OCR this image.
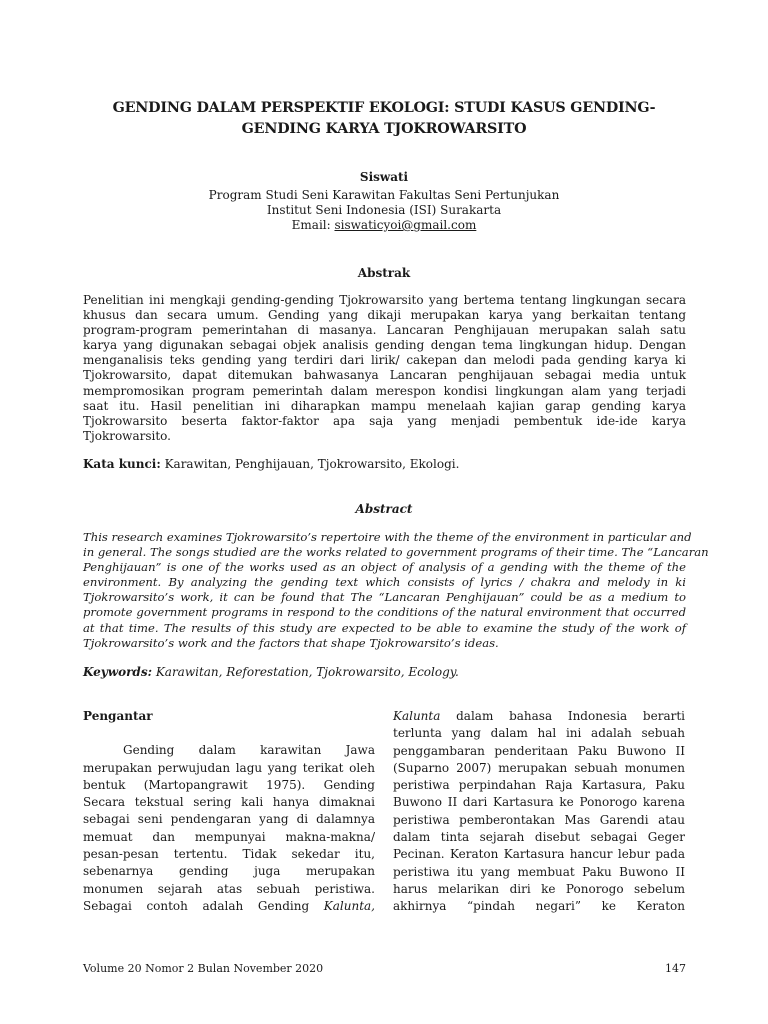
GENDING DALAM PERSPEKTIF EKOLOGI: STUDI KASUS GENDING-
GENDING KARYA TJOKROWARSITO
Siswati
Program Studi Seni Karawitan Fakultas Seni Pertunjukan
Institut Seni Indonesia (ISI) Surakarta
Email: siswaticyoi@gmail.com
Abstrak
Penelitian ini mengkaji gending-gending Tjokrowarsito yang bertema tentang lingkungan secara
khusus dan secara umum. Gending yang dikaji merupakan karya yang berkaitan tentang
program-program pemerintahan di masanya. Lancaran Penghijauan merupakan salah satu
karya yang digunakan sebagai objek analisis gending dengan tema lingkungan hidup. Dengan
menganalisis teks gending yang terdiri dari lirik/ cakepan dan melodi pada gending karya ki
Tjokrowarsito, dapat ditemukan bahwasanya Lancaran penghijauan sebagai media untuk
mempromosikan program pemerintah dalam merespon kondisi lingkungan alam yang terjadi
saat itu. Hasil penelitian ini diharapkan mampu menelaah kajian garap gending karya
Tjokrowarsito beserta faktor-faktor apa saja yang menjadi pembentuk ide-ide karya
Tjokrowarsito.
Kata kunci: Karawitan, Penghijauan, Tjokrowarsito, Ekologi.
Abstract
This research examines Tjokrowarsito’s repertoire with the theme of the environment in particular and
in general. The songs studied are the works related to government programs of their time. The “Lancaran
Penghijauan” is one of the works used as an object of analysis of a gending with the theme of the
environment. By analyzing the gending text which consists of lyrics / chakra and melody in ki
Tjokrowarsito’s work, it can be found that The “Lancaran Penghijauan” could be as a medium to
promote government programs in respond to the conditions of the natural environment that occurred
at that time. The results of this study are expected to be able to examine the study of the work of
Tjokrowarsito’s work and the factors that shape Tjokrowarsito’s ideas.
Keywords: Karawitan, Reforestation, Tjokrowarsito, Ecology.
Pengantar
Gending dalam karawitan Jawa
merupakan perwujudan lagu yang terikat oleh
bentuk (Martopangrawit 1975). Gending
Secara tekstual sering kali hanya dimaknai
sebagai seni pendengaran yang di dalamnya
memuat dan mempunyai makna-makna/
pesan-pesan tertentu. Tidak sekedar itu,
sebenarnya gending juga merupakan
monumen sejarah atas sebuah peristiwa.
Sebagai contoh adalah Gending Kaluntа,
Kalunta dalam bahasa Indonesia berarti
terlunta yang dalam hal ini adalah sebuah
penggambaran penderitaan Paku Buwono II
(Suparno 2007) merupakan sebuah monumen
peristiwa perpindahan Raja Kartasura, Paku
Buwono II dari Kartasura ke Ponorogo karena
peristiwa pemberontakan Mas Garendi atau
dalam tinta sejarah disebut sebagai Geger
Pecinan. Keraton Kartasura hancur lebur pada
peristiwa itu yang membuat Paku Buwono II
harus melarikan diri ke Ponorogo sebelum
akhirnya “pindah negari” ke Keraton
Volume 20 Nomor 2 Bulan November 2020	147
